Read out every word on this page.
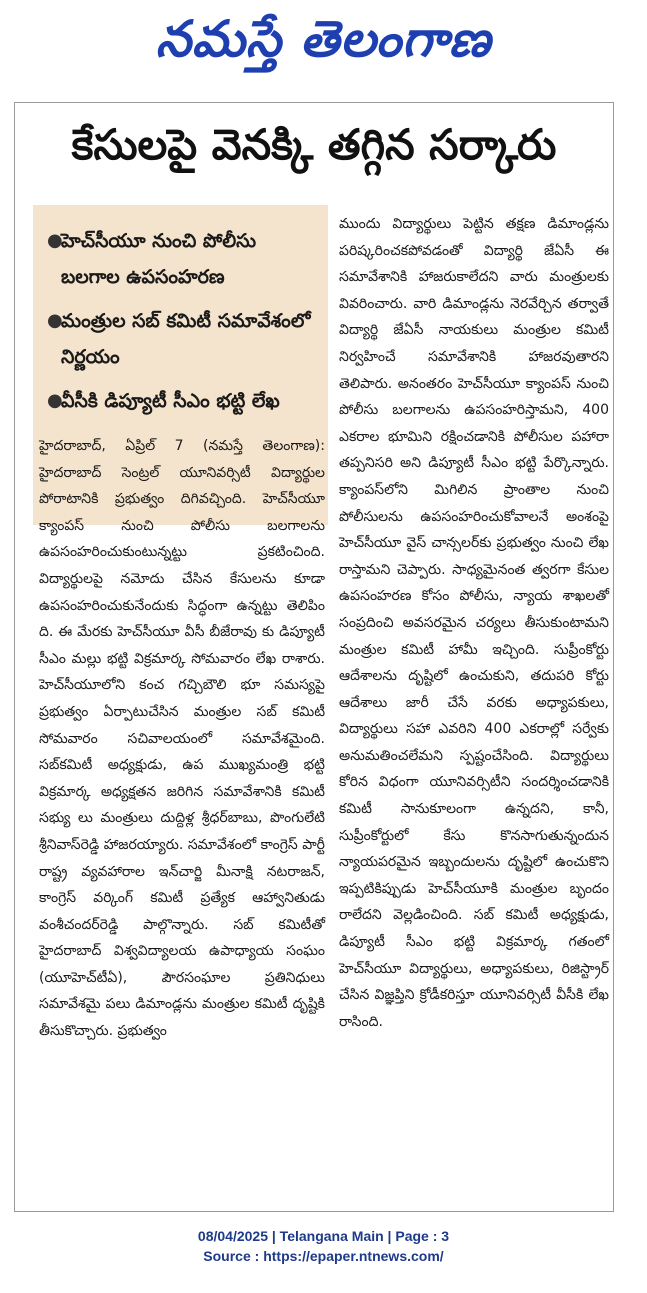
నమస్తే తెలంగాణ
కేసులపై వెనక్కి తగ్గిన సర్కారు
●
హెచ్‌సీయూ నుంచి పోలీసు బలగాల ఉపసంహరణ
●
మంత్రుల సబ్ కమిటీ సమావేశంలో నిర్ణయం
●
వీసీకి డిప్యూటీ సీఎం భట్టి లేఖ
హైదరాబాద్, ఏప్రిల్ 7 (నమస్తే తెలంగాణ): హైదరాబాద్ సెంట్రల్ యూనివర్సిటీ విద్యార్థుల పోరాటానికి ప్రభుత్వం దిగివచ్చింది. హెచ్‌సీయూ క్యాంపస్ నుంచి పోలీసు బలగాలను ఉపసంహరించుకుంటున్నట్టు ప్రకటించింది. విద్యార్థులపై నమోదు చేసిన కేసులను కూడా ఉపసంహరించుకునేందుకు సిద్ధంగా ఉన్నట్టు తెలిపిం ది. ఈ మేరకు హెచ్‌సీయూ వీసీ బీజేరావు కు డిప్యూటీ సీఎం మల్లు భట్టి విక్రమార్క సోమవారం లేఖ రాశారు. హెచ్‌సీయూలోని కంచ గచ్చిబౌలి భూ సమస్యపై ప్రభుత్వం ఏర్పాటుచేసిన మంత్రుల సబ్ కమిటీ సోమవారం సచివాలయంలో సమావేశమైంది. సబ్‌కమిటీ అధ్యక్షుడు, ఉప ముఖ్యమంత్రి భట్టి విక్రమార్క అధ్యక్షతన జరిగిన సమావేశానికి కమిటీ సభ్యు లు మంత్రులు దుద్దిళ్ల శ్రీధర్‌బాబు, పొంగులేటి శ్రీనివాస్‌రెడ్డి హాజరయ్యారు. సమావేశంలో కాంగ్రెస్ పార్టీ రాష్ట్ర వ్యవహారాల ఇన్‌చార్జి మీనాక్షి నటరాజన్, కాంగ్రెస్ వర్కింగ్ కమిటీ ప్రత్యేక ఆహ్వానితుడు వంశీచందర్‌రెడ్డి పాల్గొన్నారు. సబ్ కమిటీతో హైదరాబాద్ విశ్వవిద్యాలయ ఉపాధ్యాయ సంఘం (యూహెచ్‌టీఏ), పౌరసంఘాల ప్రతినిధులు సమావేశమై పలు డిమాండ్లను మంత్రుల కమిటీ దృష్టికి తీసుకొచ్చారు. ప్రభుత్వం
ముందు విద్యార్థులు పెట్టిన తక్షణ డిమాండ్లను పరిష్కరించకపోవడంతో విద్యార్థి జేఏసీ ఈ సమావేశానికి హాజరుకాలేదని వారు మంత్రులకు వివరించారు. వారి డిమాండ్లను నెరవేర్చిన తర్వాతే విద్యార్థి జేఏసీ నాయకులు మంత్రుల కమిటీ నిర్వహించే సమావేశానికి హాజరవుతారని తెలిపారు. అనంతరం హెచ్‌సీయూ క్యాంపస్ నుంచి పోలీసు బలగాలను ఉపసంహరిస్తామని, 400 ఎకరాల భూమిని రక్షించడానికి పోలీసుల పహారా తప్పనిసరి అని డిప్యూటీ సీఎం భట్టి పేర్కొన్నారు. క్యాంపస్‌లోని మిగిలిన ప్రాంతాల నుంచి పోలీసులను ఉపసంహరించుకోవాలనే అంశంపై హెచ్‌సీయూ వైస్ చాన్సలర్‌కు ప్రభుత్వం నుంచి లేఖ రాస్తామని చెప్పారు. సాధ్యమైనంత త్వరగా కేసుల ఉపసంహరణ కోసం పోలీసు, న్యాయ శాఖలతో సంప్రదించి అవసరమైన చర్యలు తీసుకుంటామని మంత్రుల కమిటీ హామీ ఇచ్చింది. సుప్రీంకోర్టు ఆదేశాలను దృష్టిలో ఉంచుకుని, తదుపరి కోర్టు ఆదేశాలు జారీ చేసే వరకు అధ్యాపకులు, విద్యార్థులు సహా ఎవరిని 400 ఎకరాల్లో సర్వేకు అనుమతించలేమని స్పష్టంచేసింది. విద్యార్థులు కోరిన విధంగా యూనివర్సిటీని సందర్శించడానికి కమిటీ సానుకూలంగా ఉన్నదని, కానీ, సుప్రీంకోర్టులో కేసు కొనసాగుతున్నందున న్యాయపరమైన ఇబ్బందులను దృష్టిలో ఉంచుకొని ఇప్పటికిప్పుడు హెచ్‌సీయూకి మంత్రుల బృందం రాలేదని వెల్లడించింది. సబ్ కమిటీ అధ్యక్షుడు, డిప్యూటీ సీఎం భట్టి విక్రమార్క గతంలో హెచ్‌సీయూ విద్యార్థులు, అధ్యాపకులు, రిజిస్ట్రార్ చేసిన విజ్ఞప్తిని క్రోడీకరిస్తూ యూనివర్సిటీ వీసీకి లేఖ రాసింది.
08/04/2025 | Telangana Main | Page : 3
Source : https://epaper.ntnews.com/
